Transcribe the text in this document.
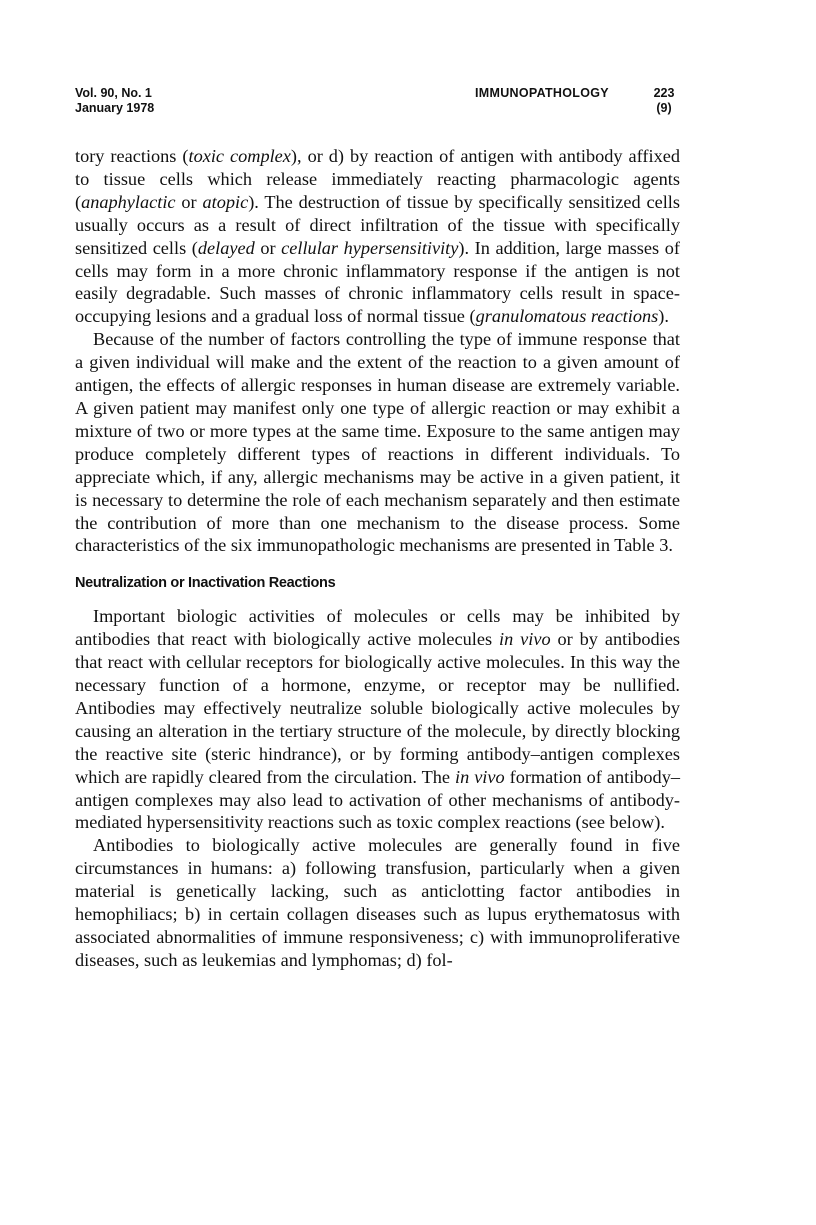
Vol. 90, No. 1
January 1978
IMMUNOPATHOLOGY	223
(9)

tory reactions (toxic complex), or d) by reaction of antigen with antibody affixed to tissue cells which release immediately reacting pharmacologic agents (anaphylactic or atopic). The destruction of tissue by specifically sensitized cells usually occurs as a result of direct infiltration of the tissue with specifically sensitized cells (delayed or cellular hypersensitivity). In addition, large masses of cells may form in a more chronic inflammatory response if the antigen is not easily degradable. Such masses of chronic inflammatory cells result in space-occupying lesions and a gradual loss of normal tissue (granulomatous reactions).

Because of the number of factors controlling the type of immune response that a given individual will make and the extent of the reaction to a given amount of antigen, the effects of allergic responses in human disease are extremely variable. A given patient may manifest only one type of allergic reaction or may exhibit a mixture of two or more types at the same time. Exposure to the same antigen may produce completely different types of reactions in different individuals. To appreciate which, if any, allergic mechanisms may be active in a given patient, it is necessary to determine the role of each mechanism separately and then estimate the contribution of more than one mechanism to the disease process. Some characteristics of the six immunopathologic mechanisms are presented in Table 3.

Neutralization or Inactivation Reactions

Important biologic activities of molecules or cells may be inhibited by antibodies that react with biologically active molecules in vivo or by antibodies that react with cellular receptors for biologically active molecules. In this way the necessary function of a hormone, enzyme, or receptor may be nullified. Antibodies may effectively neutralize soluble biologically active molecules by causing an alteration in the tertiary structure of the molecule, by directly blocking the reactive site (steric hindrance), or by forming antibody–antigen complexes which are rapidly cleared from the circulation. The in vivo formation of antibody–antigen complexes may also lead to activation of other mechanisms of antibody-mediated hypersensitivity reactions such as toxic complex reactions (see below).

Antibodies to biologically active molecules are generally found in five circumstances in humans: a) following transfusion, particularly when a given material is genetically lacking, such as anticlotting factor antibodies in hemophiliacs; b) in certain collagen diseases such as lupus erythematosus with associated abnormalities of immune responsiveness; c) with immunoproliferative diseases, such as leukemias and lymphomas; d) fol-
